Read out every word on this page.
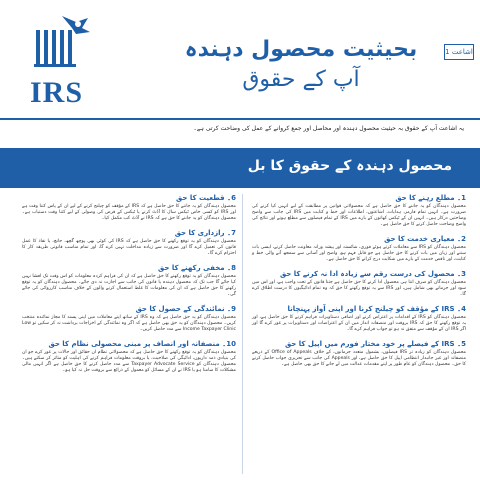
IRS
بحیثیت محصول دہندہ
آپ کے حقوق
اشاعت 1
یہ اشاعت آپ کے حقوق بہ حیثیت محصول دہندہ اور محاصل اور جمع کروانے کے عمل کی وضاحت کرتی ہے۔
محصول دہندہ کے حقوق کا بل
1۔ مطلع رہنے کا حق

محصول دہندگان کو یہ جاننے کا حق حاصل ہے کہ محصولاتی قوانین پر مطابقت کے لیے انہیں کیا کرنے کی ضرورت ہے۔ انہیں تمام فارمز، ہدایات، اشاعتوں، اطلاعات اور خط و کتابت میں IRS کی جانب سے واضح وضاحتیں درکار ہیں۔ انہیں ان کے ٹیکس کھاتوں کے بارے میں IRS کے تمام فیصلوں سے مطلع ہونے اور نتائج کی واضح وضاحت حاصل کرنے کا حق حاصل ہے۔

2۔ معیاری خدمت کا حق

محصول دہندگان کو IRS سے معاملات کرتے ہوئے فوری، شائستہ اور پیشہ ورانہ معاونت حاصل کرنے، ایسی بات سننے اور زبان میں بات کرنے کا حق حاصل ہے جو قابل فہم ہو، واضح اور آسانی سے سمجھ آنے والی خط و کتابت، اور ناقص خدمت کے بارے میں شکایت درج کرانے کا حق حاصل ہے۔

3۔ محصول کی درست رقم سے زیادہ ادا نہ کرنے کا حق

محصول دہندگان کو صرف اتنا ہی محصول ادا کرنے کا حق حاصل ہے جتنا قانون کے تحت واجب ہے، اور اس میں سود اور جرمانے بھی شامل ہیں، اور IRS سے یہ توقع رکھنے کا حق کہ وہ تمام ادائیگیوں کا درست اطلاق کرے گا۔

4۔ IRS کے مؤقف کو چیلنج کرنا اور اپنی آواز پہنچانا

محصول دہندگان کو IRS کے اقدامات پر اعتراض کرنے اور اضافی دستاویزات فراہم کرنے کا حق حاصل ہے، اور یہ توقع رکھنے کا حق کہ IRS بروقت اور منصفانہ انداز میں ان کے اعتراضات اور دستاویزات پر غور کرے گا اور اگر IRS ان کے مؤقف سے متفق نہ ہو تو جواب فراہم کرے گا۔

5۔ IRS کے فیصلے پر خود مختار فورم میں اپیل کا حق

محصول دہندگان کو زیادہ تر IRS فیصلوں، بشمول متعدد جرمانوں، کے خلاف Office of Appeals کے ذریعے منصفانہ اور غیر جانبدار انتظامی اپیل کا حق حاصل ہے، اور Appeals کی جانب سے تحریری جواب حاصل کرنے کا حق۔ محصول دہندگان کو عام طور پر اپنے مقدمات عدالت میں لے جانے کا حق بھی حاصل ہے۔

6۔ قطعیت کا حق

محصول دہندگان کو یہ جاننے کا حق حاصل ہے کہ IRS کے مؤقف کو چیلنج کرنے کے لیے ان کے پاس کتنا وقت ہے اور IRS کو کسی خاص ٹیکس سال کا آڈٹ کرنے یا ٹیکس کے قرض کی وصولی کے لیے کتنا وقت دستیاب ہے۔ محصول دہندگان کو یہ جاننے کا حق ہے کہ IRS نے آڈٹ کب مکمل کیا۔

7۔ رازداری کا حق

محصول دہندگان کو یہ توقع رکھنے کا حق حاصل ہے کہ IRS کی کوئی بھی پوچھ گچھ، جانچ، یا نفاذ کا عمل قانون کی تعمیل کرے گا اور ضرورت سے زیادہ مداخلت نہیں کرے گا، اور تمام مناسب قانونی طریقہ کار کا احترام کرے گا۔

8۔ مخفی رکھنے کا حق

محصول دہندگان کو یہ توقع رکھنے کا حق حاصل ہے کہ ان کی فراہم کردہ معلومات کو اس وقت تک افشا نہیں کیا جائے گا جب تک کہ محصول دہندہ یا قانون کی جانب سے اجازت نہ دی جائے۔ محصول دہندگان کو یہ توقع رکھنے کا حق حاصل ہے کہ ان کی معلومات کا غلط استعمال کرنے والوں کے خلاف مناسب کارروائی کی جائے گی۔

9۔ نمائندگی کے حصول کا حق

محصول دہندگان کو یہ حق حاصل ہے کہ وہ IRS کے ساتھ اپنے معاملات میں اپنی پسند کا مجاز نمائندہ منتخب کریں۔ محصول دہندگان کو یہ حق بھی حاصل ہے کہ اگر وہ نمائندگی کے اخراجات برداشت نہ کر سکیں تو Low Income Taxpayer Clinic سے مدد حاصل کریں۔

10۔ منصفانہ اور انصاف پر مبنی محصولی نظام کا حق

محصول دہندگان کو یہ توقع رکھنے کا حق حاصل ہے کہ محصولاتی نظام ان حقائق اور حالات پر غور کرے جو ان کی بنیادی ذمہ داریوں، ادائیگی کی صلاحیت، یا بروقت معلومات فراہم کرنے کی اہلیت کو متاثر کر سکتے ہیں۔ محصول دہندگان کو Taxpayer Advocate Service سے مدد حاصل کرنے کا حق حاصل ہے اگر انہیں مالی مشکلات کا سامنا ہو یا IRS نے ان کے مسائل کو معمول کے ذرائع سے بروقت حل نہ کیا ہو۔
